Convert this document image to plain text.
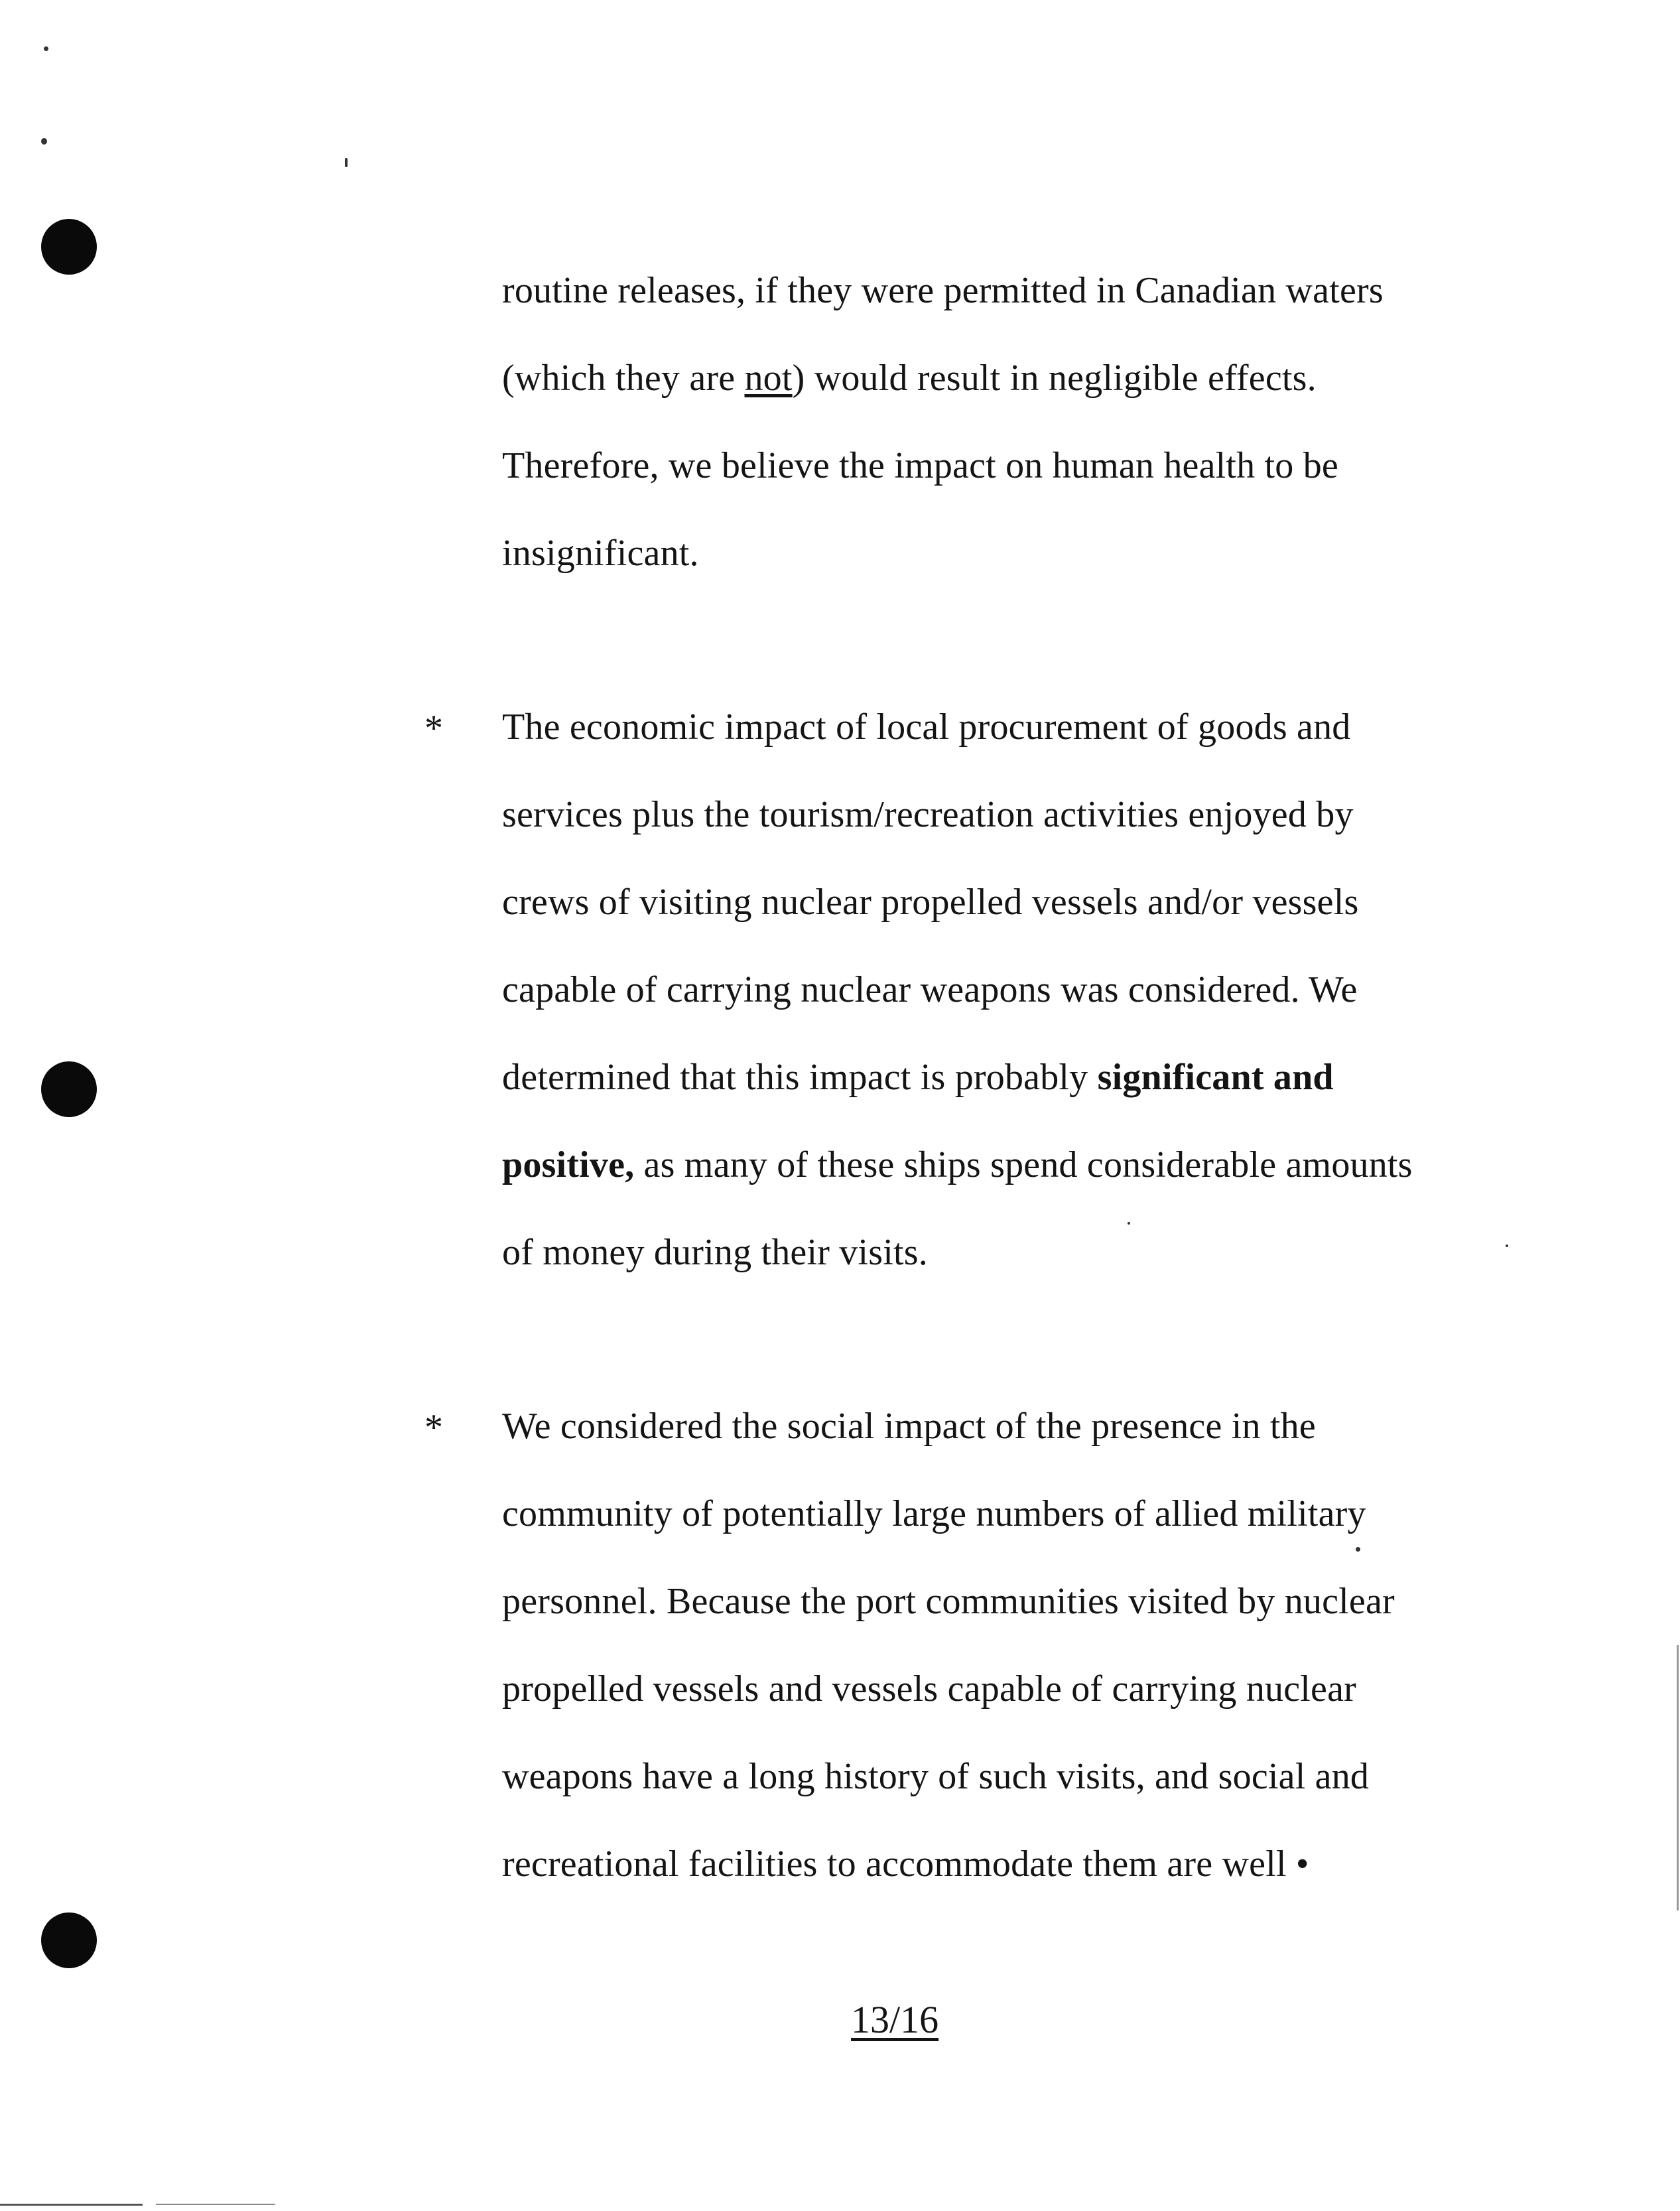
routine releases, if they were permitted in Canadian waters
(which they are not) would result in negligible effects.
Therefore, we believe the impact on human health to be
insignificant.
* The economic impact of local procurement of goods and
services plus the tourism/recreation activities enjoyed by
crews of visiting nuclear propelled vessels and/or vessels
capable of carrying nuclear weapons was considered. We
determined that this impact is probably significant and
positive, as many of these ships spend considerable amounts
of money during their visits.
* We considered the social impact of the presence in the
community of potentially large numbers of allied military
personnel. Because the port communities visited by nuclear
propelled vessels and vessels capable of carrying nuclear
weapons have a long history of such visits, and social and
recreational facilities to accommodate them are well •
13/16
